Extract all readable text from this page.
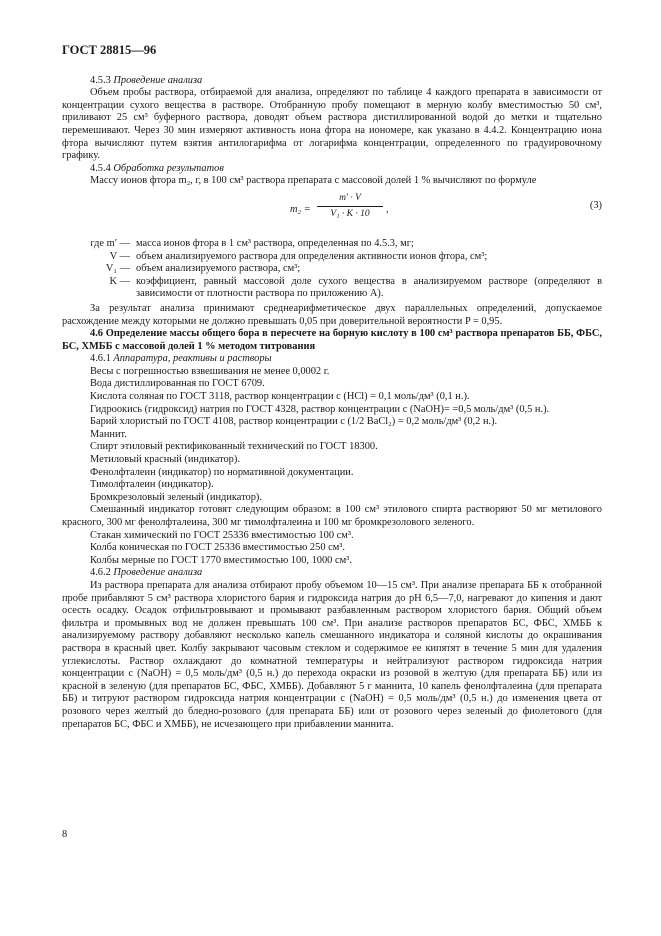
ГОСТ 28815—96

4.5.3 Проведение анализа

Объем пробы раствора, отбираемой для анализа, определяют по таблице 4 каждого препарата в зависимости от концентрации сухого вещества в растворе. Отобранную пробу помещают в мерную колбу вместимостью 50 см³, приливают 25 см³ буферного раствора, доводят объем раствора дистиллированной водой до метки и тщательно перемешивают. Через 30 мин измеряют активность иона фтора на иономере, как указано в 4.4.2. Концентрацию иона фтора вычисляют путем взятия антилогарифма от логарифма концентрации, определенного по градуировочному графику.

4.5.4 Обработка результатов

Массу ионов фтора m₂, г, в 100 см³ раствора препарата с массовой долей 1 % вычисляют по формуле

m₂ =
m′ · V
V₁ · K · 10	,	(3)
где m′ — масса ионов фтора в 1 см³ раствора, определенная по 4.5.3, мг;
V — объем анализируемого раствора для определения активности ионов фтора, см³;
V₁ — объем анализируемого раствора, см³;
K — коэффициент, равный массовой доле сухого вещества в анализируемом растворе (определяют в зависимости от плотности раствора по приложению А).

За результат анализа принимают среднеарифметическое двух параллельных определений, допускаемое расхождение между которыми не должно превышать 0,05 при доверительной вероятности P = 0,95.

4.6 Определение массы общего бора в пересчете на борную кислоту в 100 см³ раствора препаратов ББ, ФБС, БС, ХМББ с массовой долей 1 % методом титрования

4.6.1 Аппаратура, реактивы и растворы

Весы с погрешностью взвешивания не менее 0,0002 г.

Вода дистиллированная по ГОСТ 6709.

Кислота соляная по ГОСТ 3118, раствор концентрации с (HCl) = 0,1 моль/дм³ (0,1 н.).

Гидроокись (гидроксид) натрия по ГОСТ 4328, раствор концентрации с (NaOH)= =0,5 моль/дм³ (0,5 н.).

Барий хлористый по ГОСТ 4108, раствор концентрации с (1/2 BaCl₂) = 0,2 моль/дм³ (0,2 н.).

Маннит.

Спирт этиловый ректификованный технический по ГОСТ 18300.

Метиловый красный (индикатор).

Фенолфталеин (индикатор) по нормативной документации.

Тимолфталеин (индикатор).

Бромкрезоловый зеленый (индикатор).

Смешанный индикатор готовят следующим образом: в 100 см³ этилового спирта растворяют 50 мг метилового красного, 300 мг фенолфталеина, 300 мг тимолфталеина и 100 мг бромкрезолового зеленого.

Стакан химический по ГОСТ 25336 вместимостью 100 см³.

Колба коническая по ГОСТ 25336 вместимостью 250 см³.

Колбы мерные по ГОСТ 1770 вместимостью 100, 1000 см³.

4.6.2 Проведение анализа

Из раствора препарата для анализа отбирают пробу объемом 10—15 см³. При анализе препарата ББ к отобранной пробе прибавляют 5 см³ раствора хлористого бария и гидроксида натрия до pH 6,5—7,0, нагревают до кипения и дают осесть осадку. Осадок отфильтровывают и промывают разбавленным раствором хлористого бария. Общий объем фильтра и промывных вод не должен превышать 100 см³. При анализе растворов препаратов БС, ФБС, ХМББ к анализируемому раствору добавляют несколько капель смешанного индикатора и соляной кислоты до окрашивания раствора в красный цвет. Колбу закрывают часовым стеклом и содержимое ее кипятят в течение 5 мин для удаления углекислоты. Раствор охлаждают до комнатной температуры и нейтрализуют раствором гидроксида натрия концентрации с (NaOH) = 0,5 моль/дм³ (0,5 н.) до перехода окраски из розовой в желтую (для препарата ББ) или из красной в зеленую (для препаратов БС, ФБС, ХМББ). Добавляют 5 г маннита, 10 капель фенолфталеина (для препарата ББ) и титруют раствором гидроксида натрия концентрации с (NaOH) = 0,5 моль/дм³ (0,5 н.) до изменения цвета от розового через желтый до бледно-розового (для препарата ББ) или от розового через зеленый до фиолетового (для препаратов БС, ФБС и ХМББ), не исчезающего при прибавлении маннита.

8
